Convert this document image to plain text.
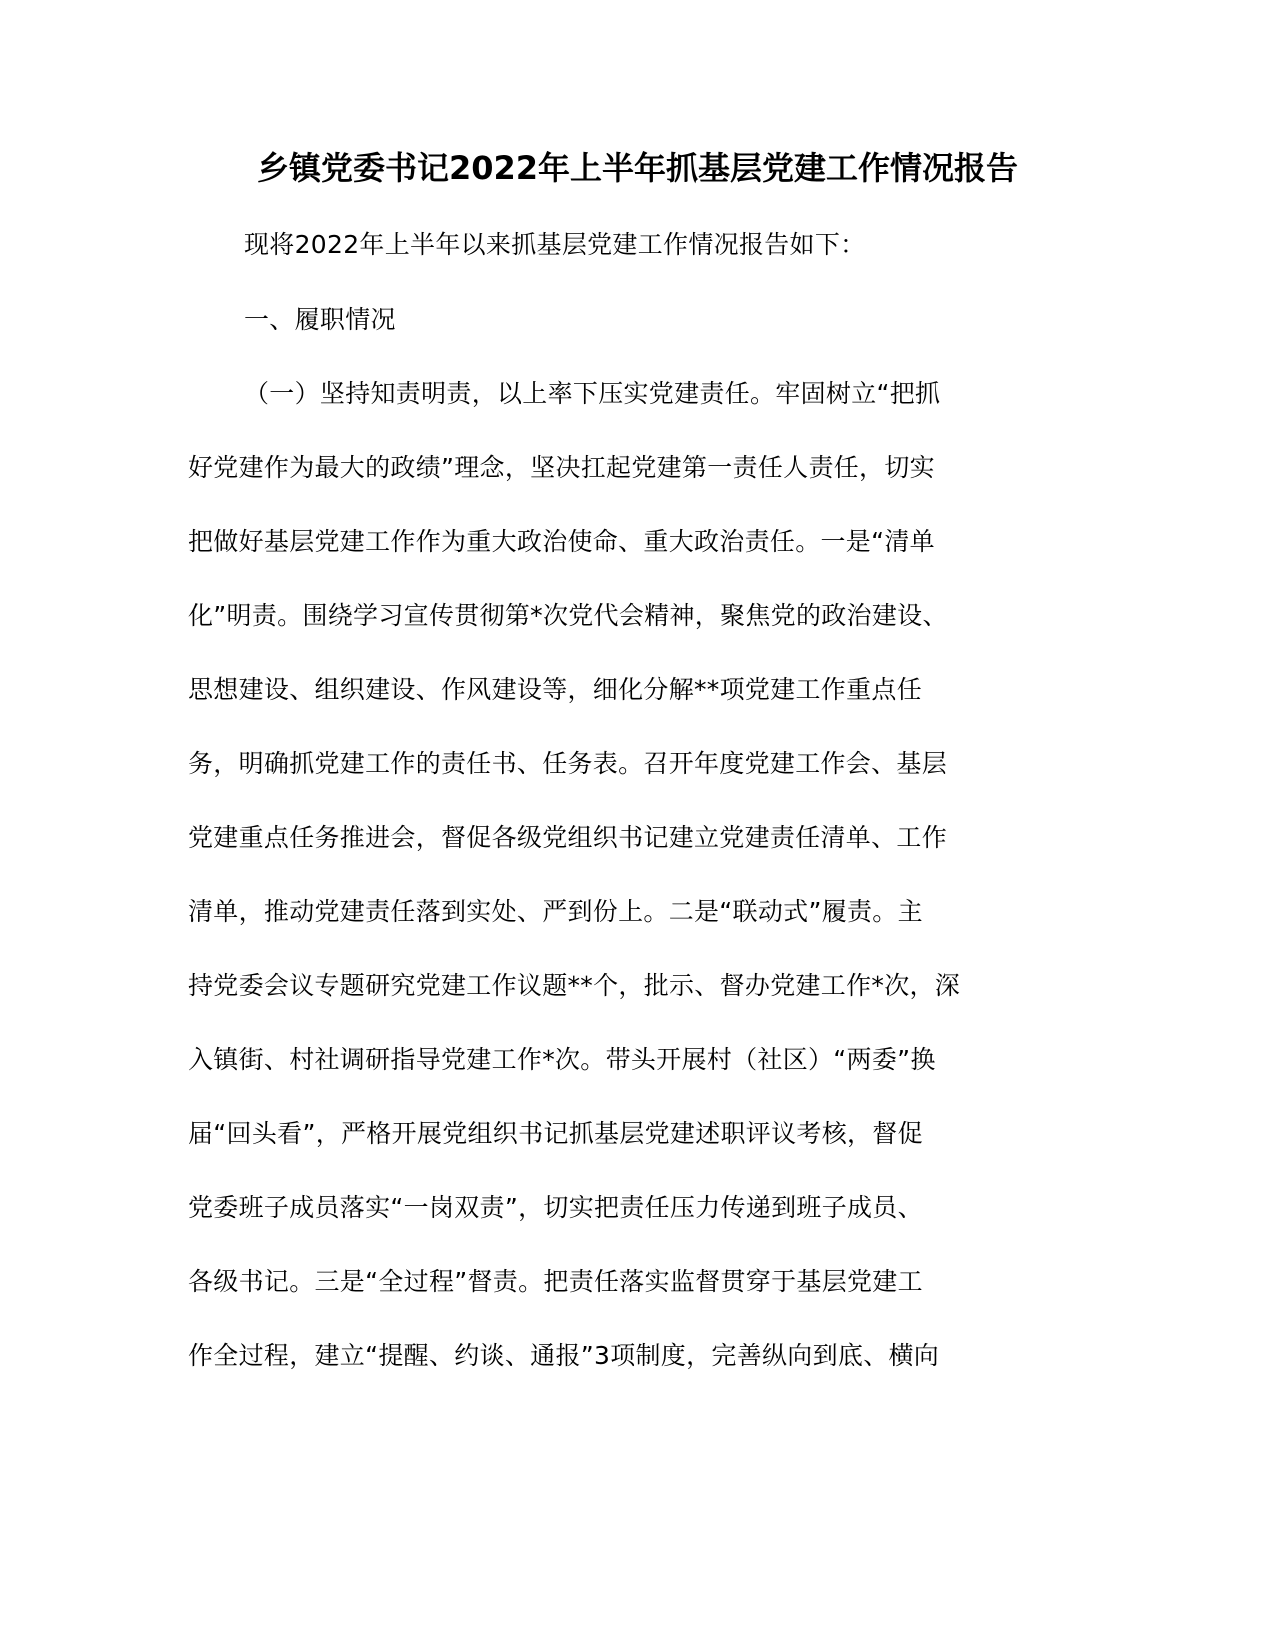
乡镇党委书记2022年上半年抓基层党建工作情况报告
现将2022年上半年以来抓基层党建工作情况报告如下：
一、履职情况
（一）坚持知责明责，以上率下压实党建责任。牢固树立“把抓
好党建作为最大的政绩”理念，坚决扛起党建第一责任人责任，切实
把做好基层党建工作作为重大政治使命、重大政治责任。一是“清单
化”明责。围绕学习宣传贯彻第*次党代会精神，聚焦党的政治建设、
思想建设、组织建设、作风建设等，细化分解**项党建工作重点任
务，明确抓党建工作的责任书、任务表。召开年度党建工作会、基层
党建重点任务推进会，督促各级党组织书记建立党建责任清单、工作
清单，推动党建责任落到实处、严到份上。二是“联动式”履责。主
持党委会议专题研究党建工作议题**个，批示、督办党建工作*次，深
入镇街、村社调研指导党建工作*次。带头开展村（社区）“两委”换
届“回头看”，严格开展党组织书记抓基层党建述职评议考核，督促
党委班子成员落实“一岗双责”，切实把责任压力传递到班子成员、
各级书记。三是“全过程”督责。把责任落实监督贯穿于基层党建工
作全过程，建立“提醒、约谈、通报”3项制度，完善纵向到底、横向
